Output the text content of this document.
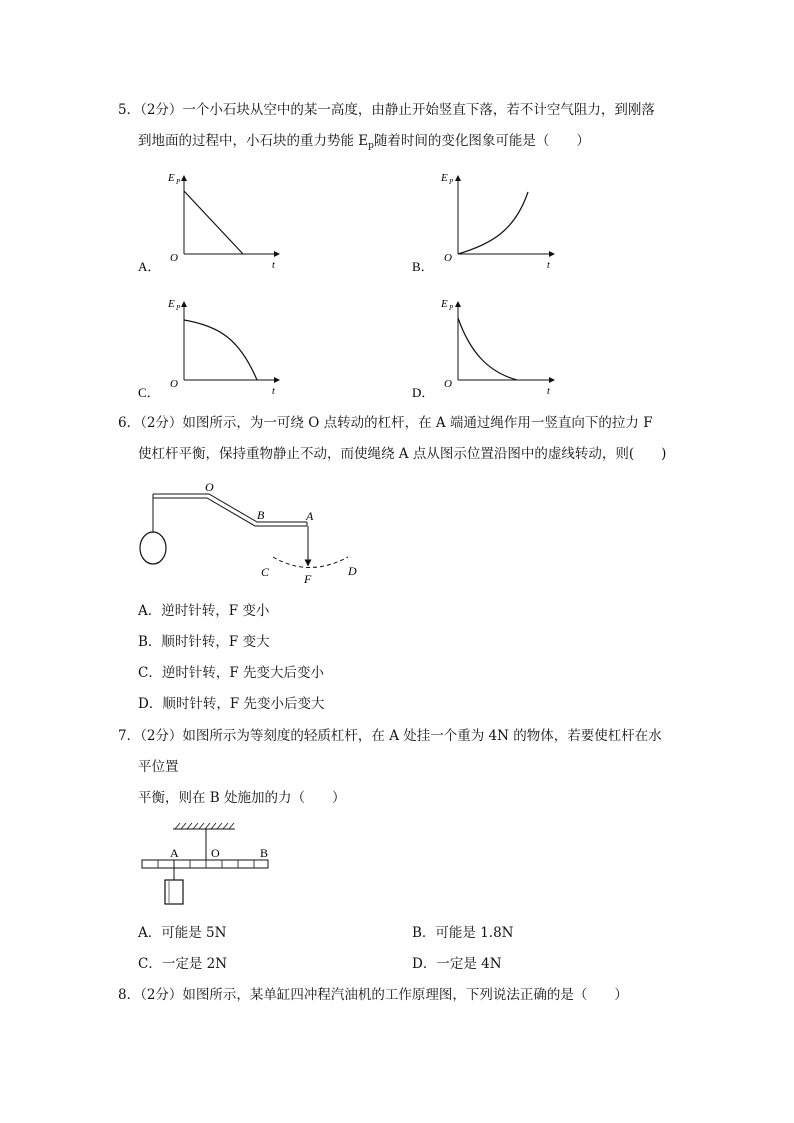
5．（2分）一个小石块从空中的某一高度，由静止开始竖直下落，若不计空气阻力，到刚落
到地面的过程中，小石块的重力势能 $E_p$随着时间的变化图象可能是（　　）
E P
O
t
A．
E P
O
t
B．
E P
O
t
C．
E P
O
t
D．
6．（2分）如图所示，为一可绕 O 点转动的杠杆，在 A 端通过绳作用一竖直向下的拉力 F
使杠杆平衡，保持重物静止不动，而使绳绕 A 点从图示位置沿图中的虚线转动，则(　　)
O
B	A
C	F
D
A．逆时针转，F 变小
B．顺时针转，F 变大
C．逆时针转，F 先变大后变小
D．顺时针转，F 先变小后变大
7．（2分）如图所示为等刻度的轻质杠杆，在 A 处挂一个重为 4N 的物体，若要使杠杆在水
平位置
平衡，则在 B 处施加的力（　　）
A	O	B
A．可能是 5N	B．可能是 1.8N
C．一定是 2N	D．一定是 4N
8．（2分）如图所示，某单缸四冲程汽油机的工作原理图，下列说法正确的是（　　）
